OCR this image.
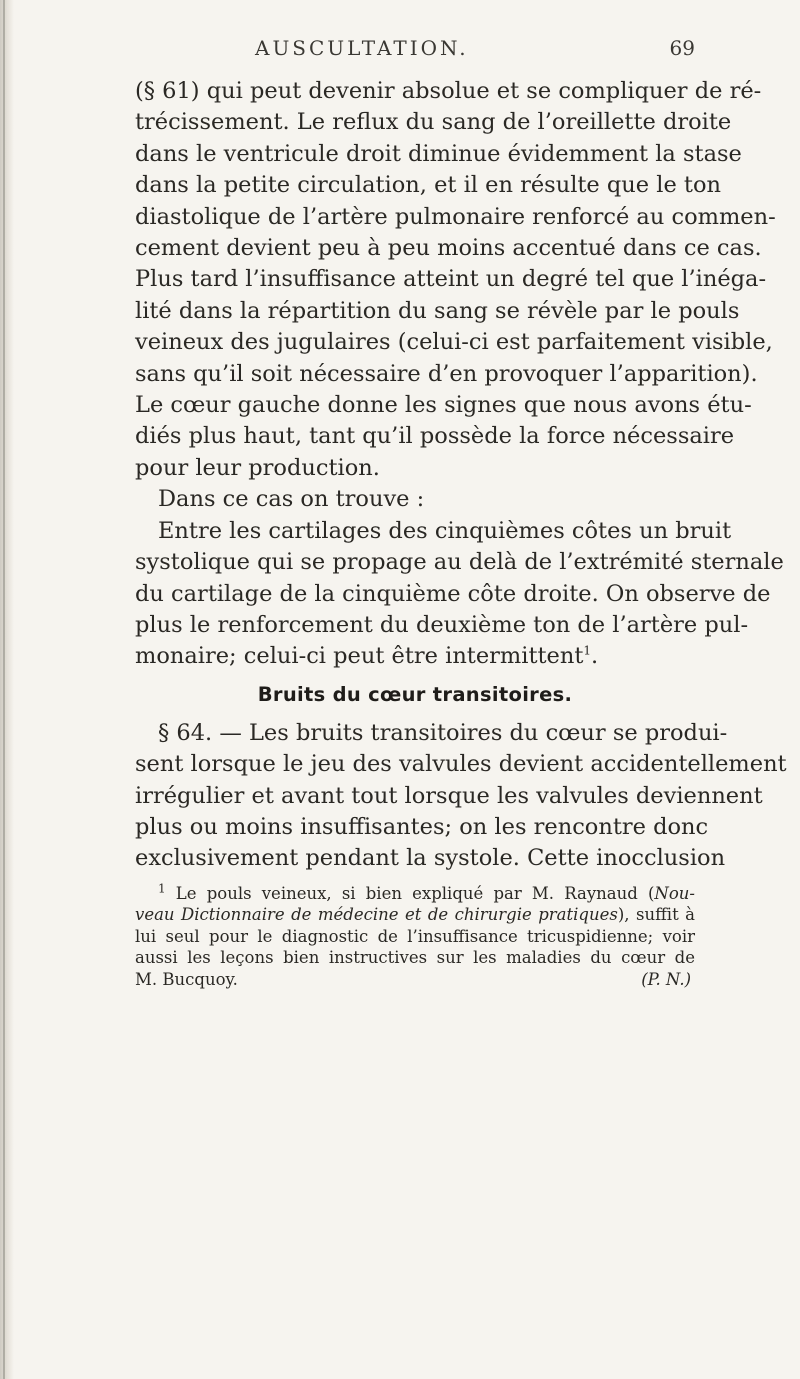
AUSCULTATION.	69
(§ 61) qui peut devenir absolue et se compliquer de ré-
trécissement. Le reflux du sang de l’oreillette droite
dans le ventricule droit diminue évidemment la stase
dans la petite circulation, et il en résulte que le ton
diastolique de l’artère pulmonaire renforcé au commen-
cement devient peu à peu moins accentué dans ce cas.
Plus tard l’insuffisance atteint un degré tel que l’inéga-
lité dans la répartition du sang se révèle par le pouls
veineux des jugulaires (celui-ci est parfaitement visible,
sans qu’il soit nécessaire d’en provoquer l’apparition).
Le cœur gauche donne les signes que nous avons étu-
diés plus haut, tant qu’il possède la force nécessaire
pour leur production.
Dans ce cas on trouve :
Entre les cartilages des cinquièmes côtes un bruit
systolique qui se propage au delà de l’extrémité sternale
du cartilage de la cinquième côte droite. On observe de
plus le renforcement du deuxième ton de l’artère pul-
monaire; celui-ci peut être intermittent$^1$.
Bruits du cœur transitoires.
§ 64. — Les bruits transitoires du cœur se produi-
sent lorsque le jeu des valvules devient accidentellement
irrégulier et avant tout lorsque les valvules deviennent
plus ou moins insuffisantes; on les rencontre donc
exclusivement pendant la systole. Cette inocclusion
$^1$ Le pouls veineux, si bien expliqué par M. Raynaud (Nou-
veau Dictionnaire de médecine et de chirurgie pratiques), suffit à
lui seul pour le diagnostic de l’insuffisance tricuspidienne; voir
aussi les leçons bien instructives sur les maladies du cœur de
M. Bucquoy.	(P. N.)
